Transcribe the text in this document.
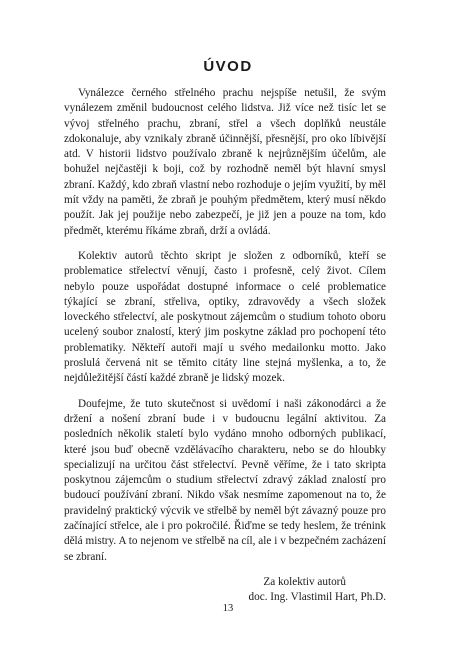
ÚVOD

Vynálezce černého střelného prachu nejspíše netušil, že svým vynálezem změnil budoucnost celého lidstva. Již více než tisíc let se vývoj střelného prachu, zbraní, střel a všech doplňků neustále zdokonaluje, aby vznikaly zbraně účinnější, přesnější, pro oko líbivější atd. V historii lidstvo používalo zbraně k nejrůznějším účelům, ale bohužel nejčastěji k boji, což by rozhodně neměl být hlavní smysl zbraní. Každý, kdo zbraň vlastní nebo rozhoduje o jejím využití, by měl mít vždy na paměti, že zbraň je pouhým předmětem, který musí někdo použít. Jak jej použije nebo zabezpečí, je již jen a pouze na tom, kdo předmět, kterému říkáme zbraň, drží a ovládá.

Kolektiv autorů těchto skript je složen z odborníků, kteří se problematice střelectví věnují, často i profesně, celý život. Cílem nebylo pouze uspořádat dostupné informace o celé problematice týkající se zbraní, střeliva, optiky, zdravovědy a všech složek loveckého střelectví, ale poskytnout zájemcům o studium tohoto oboru ucelený soubor znalostí, který jim poskytne základ pro pochopení této problematiky. Někteří autoři mají u svého medailonku motto. Jako proslulá červená nit se těmito citáty line stejná myšlenka, a to, že nejdůležitější částí každé zbraně je lidský mozek.

Doufejme, že tuto skutečnost si uvědomí i naši zákonodárci a že držení a nošení zbraní bude i v budoucnu legální aktivitou. Za posledních několik staletí bylo vydáno mnoho odborných publikací, které jsou buď obecně vzdělávacího charakteru, nebo se do hloubky specializují na určitou část střelectví. Pevně věříme, že i tato skripta poskytnou zájemcům o studium střelectví zdravý základ znalostí pro budoucí používání zbraní. Nikdo však nesmíme zapomenout na to, že pravidelný praktický výcvik ve střelbě by neměl být závazný pouze pro začínající střelce, ale i pro pokročilé. Řiďme se tedy heslem, že trénink dělá mistry. A to nejenom ve střelbě na cíl, ale i v bezpečném zacházení se zbraní.

Za kolektiv autorů
doc. Ing. Vlastimil Hart, Ph.D.
13
